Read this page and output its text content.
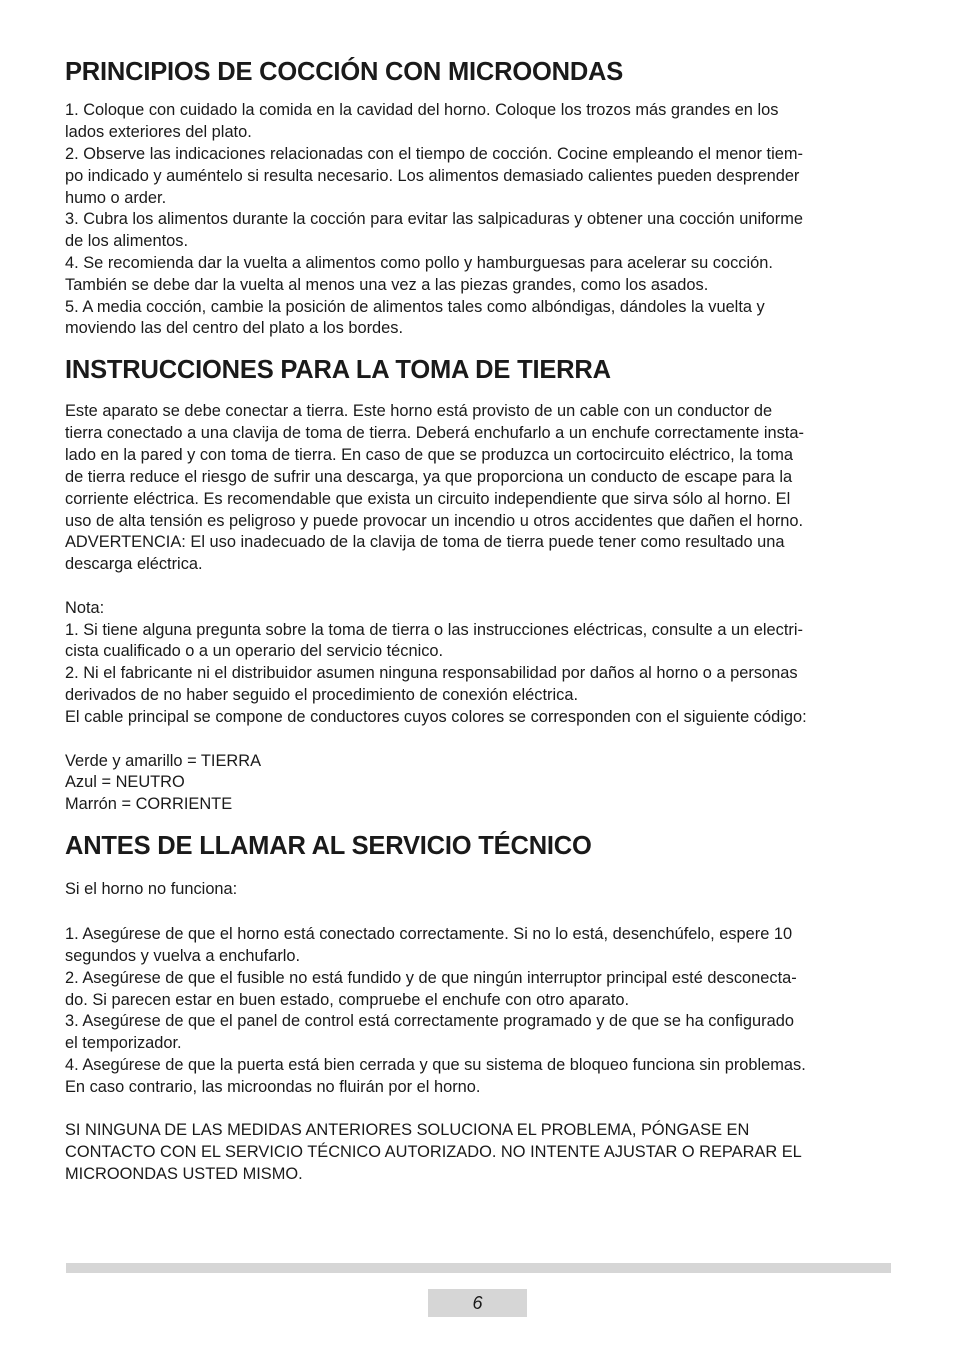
PRINCIPIOS DE COCCIÓN CON MICROONDAS

1. Coloque con cuidado la comida en la cavidad del horno. Coloque los trozos más grandes en los

lados exteriores del plato.

2. Observe las indicaciones relacionadas con el tiempo de cocción. Cocine empleando el menor tiem-

po indicado y auméntelo si resulta necesario. Los alimentos demasiado calientes pueden desprender

humo o arder.

3. Cubra los alimentos durante la cocción para evitar las salpicaduras y obtener una cocción uniforme

de los alimentos.

4. Se recomienda dar la vuelta a alimentos como pollo y hamburguesas para acelerar su cocción.

También se debe dar la vuelta al menos una vez a las piezas grandes, como los asados.

5. A media cocción, cambie la posición de alimentos tales como albóndigas, dándoles la vuelta y

moviendo las del centro del plato a los bordes.

INSTRUCCIONES PARA LA TOMA DE TIERRA

Este aparato se debe conectar a tierra. Este horno está provisto de un cable con un conductor de

tierra conectado a una clavija de toma de tierra. Deberá enchufarlo a un enchufe correctamente insta-

lado en la pared y con toma de tierra. En caso de que se produzca un cortocircuito eléctrico, la toma

de tierra reduce el riesgo de sufrir una descarga, ya que proporciona un conducto de escape para la

corriente eléctrica. Es recomendable que exista un circuito independiente que sirva sólo al horno. El

uso de alta tensión es peligroso y puede provocar un incendio u otros accidentes que dañen el horno.

ADVERTENCIA: El uso inadecuado de la clavija de toma de tierra puede tener como resultado una

descarga eléctrica.

Nota:

1. Si tiene alguna pregunta sobre la toma de tierra o las instrucciones eléctricas, consulte a un electri-

cista cualificado o a un operario del servicio técnico.

2. Ni el fabricante ni el distribuidor asumen ninguna responsabilidad por daños al horno o a personas

derivados de no haber seguido el procedimiento de conexión eléctrica.

El cable principal se compone de conductores cuyos colores se corresponden con el siguiente código:

Verde y amarillo = TIERRA

Azul = NEUTRO

Marrón = CORRIENTE

ANTES DE LLAMAR AL SERVICIO TÉCNICO

Si el horno no funciona:

1. Asegúrese de que el horno está conectado correctamente. Si no lo está, desenchúfelo, espere 10

segundos y vuelva a enchufarlo.

2. Asegúrese de que el fusible no está fundido y de que ningún interruptor principal esté desconecta-

do. Si parecen estar en buen estado, compruebe el enchufe con otro aparato.

3. Asegúrese de que el panel de control está correctamente programado y de que se ha configurado

el temporizador.

4. Asegúrese de que la puerta está bien cerrada y que su sistema de bloqueo funciona sin problemas.

En caso contrario, las microondas no fluirán por el horno.

SI NINGUNA DE LAS MEDIDAS ANTERIORES SOLUCIONA EL PROBLEMA, PÓNGASE EN

CONTACTO CON EL SERVICIO TÉCNICO AUTORIZADO. NO INTENTE AJUSTAR O REPARAR EL

MICROONDAS USTED MISMO.

6
